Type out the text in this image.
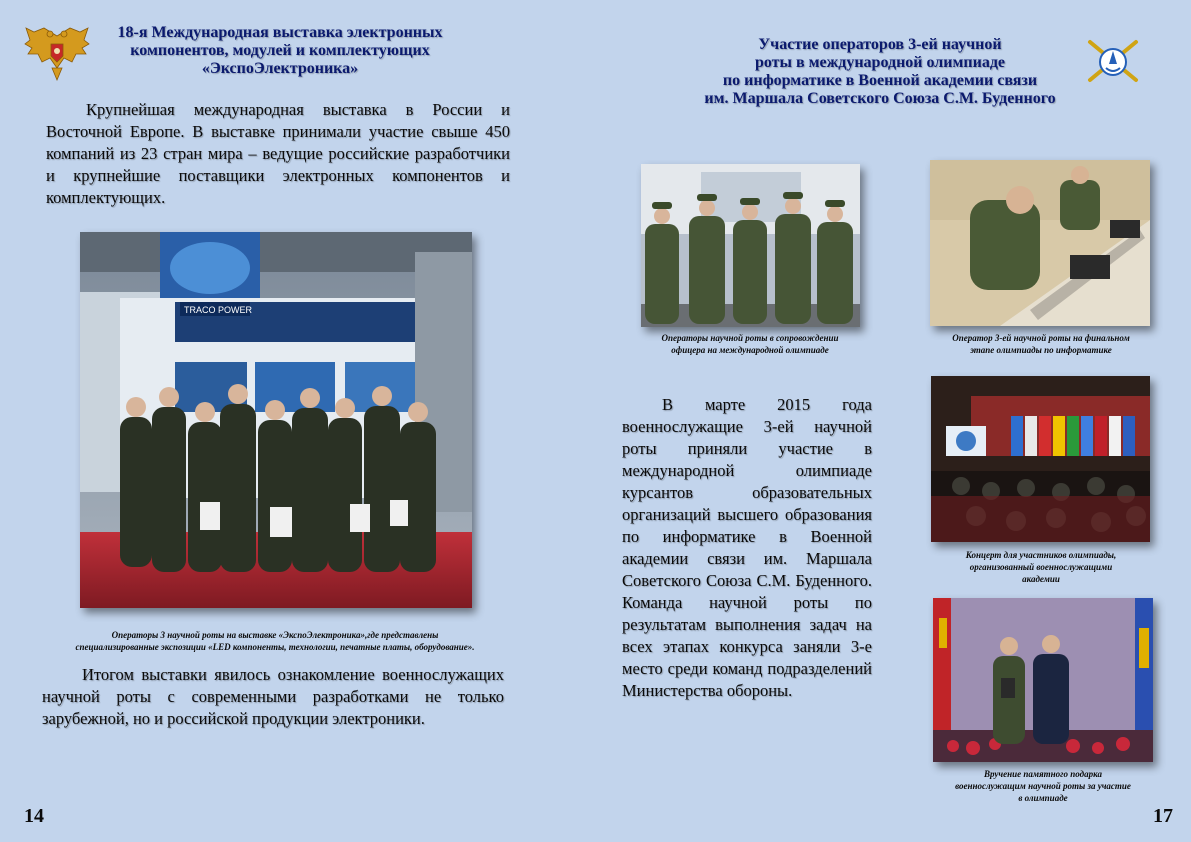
18-я Международная выставка электронных
компонентов, модулей и комплектующих
«ЭкспоЭлектроника»

Крупнейшая международная выставка в России и Восточной Европе. В выставке принимали участие свыше 450 компаний из 23 стран мира – ведущие российские разработчики и крупнейшие поставщики электронных компонентов и комплектующих.

TRACO POWER
Операторы 3 научной роты на выставке «ЭкспоЭлектроника»,где представлены
специализированные экспозиции «LED компоненты, технологии, печатные платы, оборудование».

Итогом выставки явилось ознакомление военнослужащих научной роты с современными разработками не только зарубежной, но и российской продукции электроники.

14
Участие операторов 3-ей научной
роты в международной олимпиаде
по информатике в Военной академии связи
им. Маршала Советского Союза С.М. Буденного
Операторы научной роты в сопровождении
офицера на международной олимпиаде
Оператор 3-ей научной роты на финальном
этапе олимпиады по информатике
Концерт для участников олимпиады,
организованный военнослужащими
академии
Вручение памятного подарка
военнослужащим научной роты за участие
в олимпиаде

В марте 2015 года военнослужащие 3-ей научной роты приняли участие в международной олимпиаде курсантов образовательных организаций высшего образования по информатике в Военной академии связи им. Маршала Советского Союза С.М. Буденного. Команда научной роты по результатам выполнения задач на всех этапах конкурса заняли 3-е место среди команд подразделений Министерства обороны.

17
